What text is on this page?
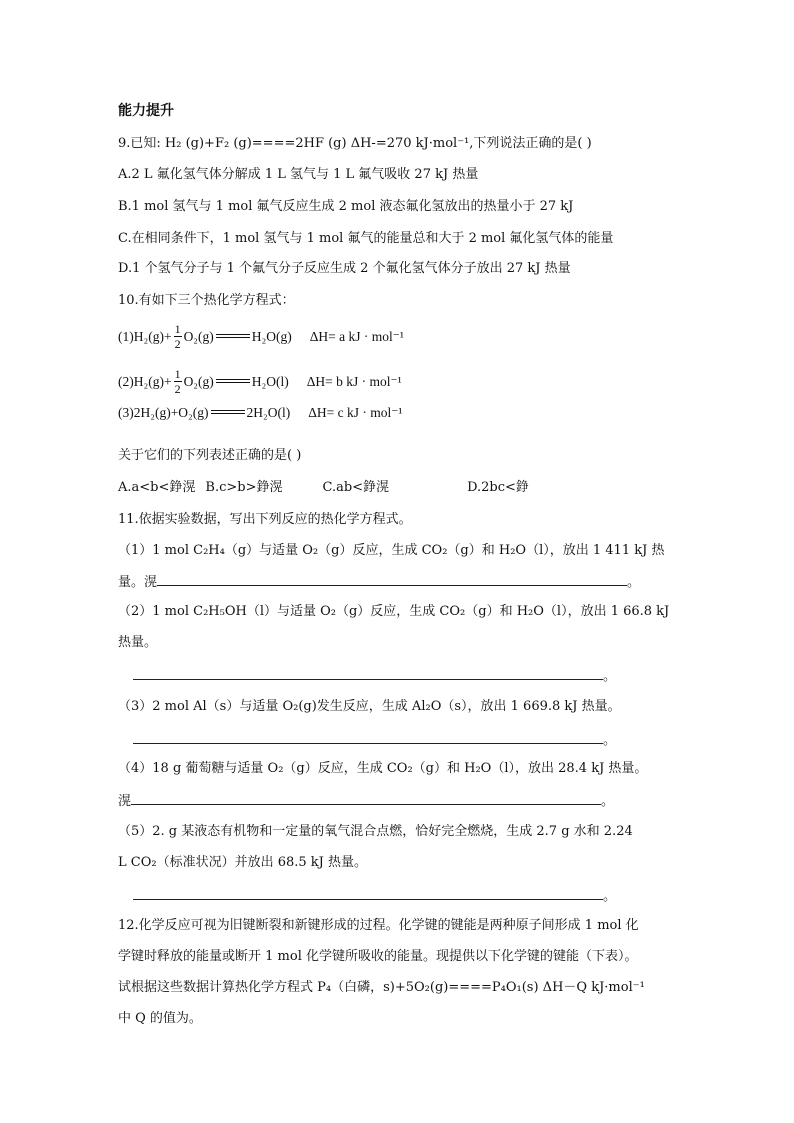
能力提升
9.已知: H₂ (g)+F₂ (g)====2HF (g) ΔH-=270 kJ·mol⁻¹,下列说法正确的是( )
A.2 L 氟化氢气体分解成 1 L 氢气与 1 L 氟气吸收 27 kJ 热量
B.1 mol 氢气与 1 mol 氟气反应生成 2 mol 液态氟化氢放出的热量小于 27 kJ
C.在相同条件下，1 mol 氢气与 1 mol 氟气的能量总和大于 2 mol 氟化氢气体的能量
D.1 个氢气分子与 1 个氟气分子反应生成 2 个氟化氢气体分子放出 27 kJ 热量
10.有如下三个热化学方程式：
$(1)H_2(g)+ \frac{1}{2} O_2(g)$	H₂O(g) ΔH= a kJ · mol⁻¹
$(2)H_2(g)+ \frac{1}{2} O_2(g)$	H₂O(l) ΔH= b kJ · mol⁻¹
(3)2H₂(g)+O₂(g)	2H₂O(l) ΔH= c kJ · mol⁻¹
关于它们的下列表述正确的是( )
A.a<b<錚滉 B.c>b>錚滉	C.ab<錚滉	D.2bc<錚
11.依据实验数据，写出下列反应的热化学方程式。
（1）1 mol C₂H₄（g）与适量 O₂（g）反应，生成 CO₂（g）和 H₂O（l），放出 1 411 kJ 热
量。滉	。
（2）1 mol C₂H₅OH（l）与适量 O₂（g）反应，生成 CO₂（g）和 H₂O（l），放出 1 66.8 kJ
热量。
。
（3）2 mol Al（s）与适量 O₂(g)发生反应，生成 Al₂O（s），放出 1 669.8 kJ 热量。
。
（4）18 g 葡萄糖与适量 O₂（g）反应，生成 CO₂（g）和 H₂O（l），放出 28.4 kJ 热量。
滉	。
（5）2. g 某液态有机物和一定量的氧气混合点燃，恰好完全燃烧，生成 2.7 g 水和 2.24
L CO₂（标准状况）并放出 68.5 kJ 热量。
。
12.化学反应可视为旧键断裂和新键形成的过程。化学键的键能是两种原子间形成 1 mol 化
学键时释放的能量或断开 1 mol 化学键所吸收的能量。现提供以下化学键的键能（下表）。
试根据这些数据计算热化学方程式 P₄（白磷，s)+5O₂(g)====P₄O₁(s) ΔH－Q kJ·mol⁻¹
中 Q 的值为。
